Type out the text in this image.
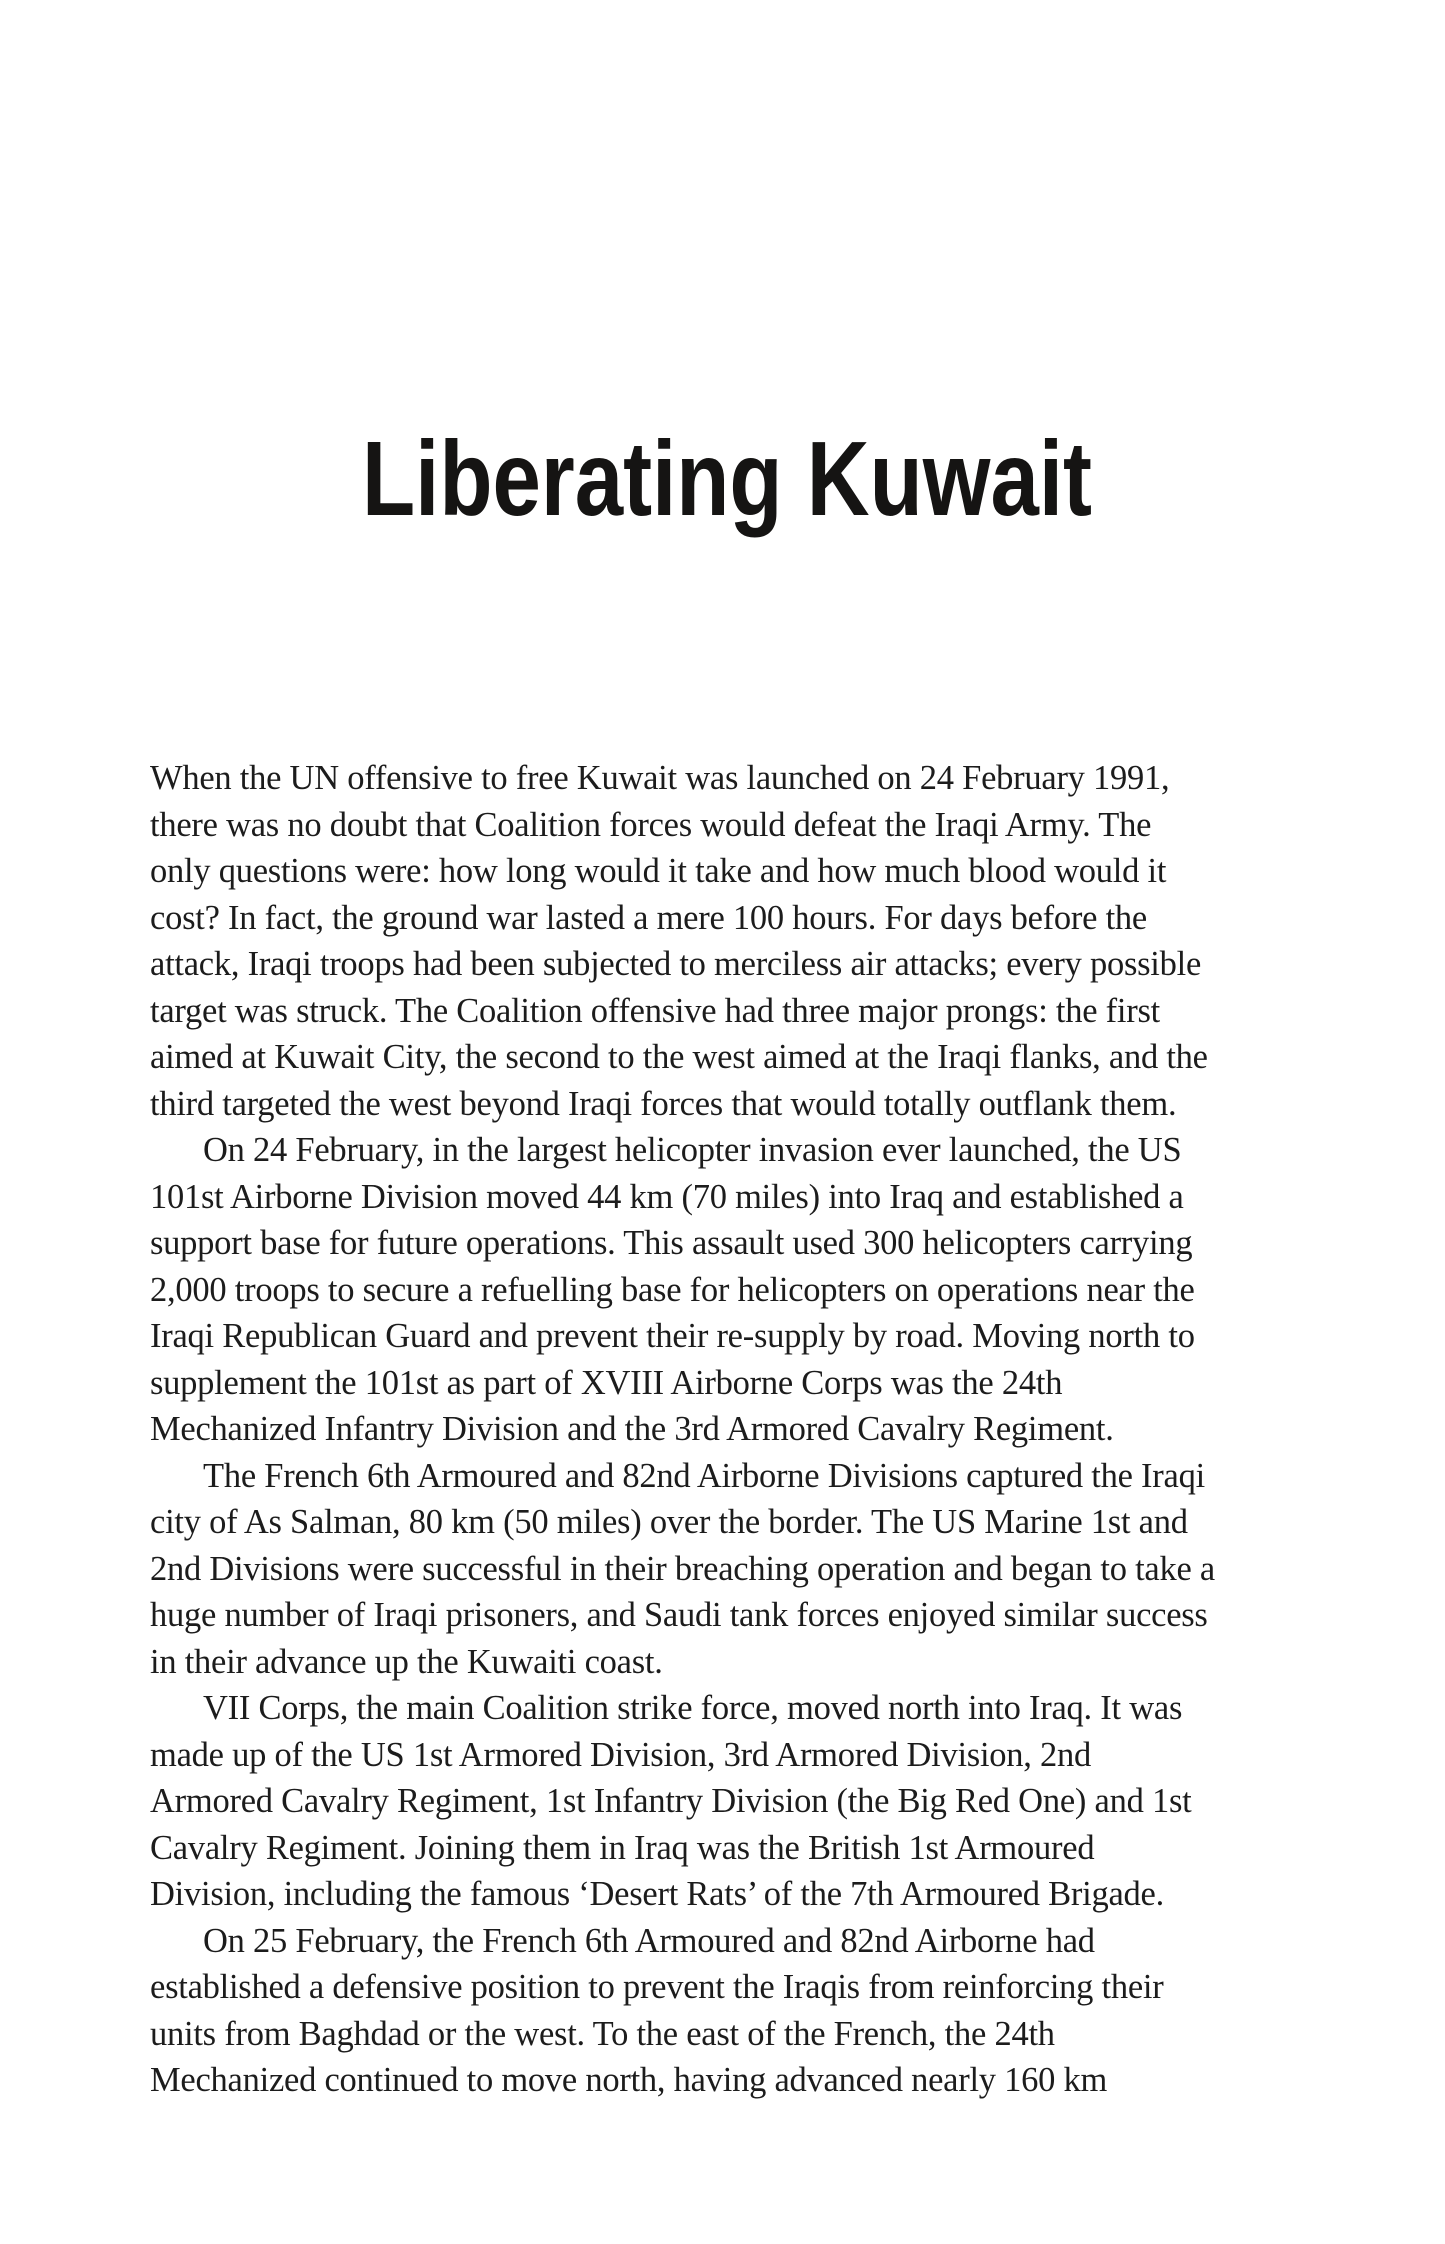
Liberating Kuwait
When the UN offensive to free Kuwait was launched on 24 February 1991,
there was no doubt that Coalition forces would defeat the Iraqi Army. The
only questions were: how long would it take and how much blood would it
cost? In fact, the ground war lasted a mere 100 hours. For days before the
attack, Iraqi troops had been subjected to merciless air attacks; every possible
target was struck. The Coalition offensive had three major prongs: the first
aimed at Kuwait City, the second to the west aimed at the Iraqi flanks, and the
third targeted the west beyond Iraqi forces that would totally outflank them.
On 24 February, in the largest helicopter invasion ever launched, the US
101st Airborne Division moved 44 km (70 miles) into Iraq and established a
support base for future operations. This assault used 300 helicopters carrying
2,000 troops to secure a refuelling base for helicopters on operations near the
Iraqi Republican Guard and prevent their re-supply by road. Moving north to
supplement the 101st as part of XVIII Airborne Corps was the 24th
Mechanized Infantry Division and the 3rd Armored Cavalry Regiment.
The French 6th Armoured and 82nd Airborne Divisions captured the Iraqi
city of As Salman, 80 km (50 miles) over the border. The US Marine 1st and
2nd Divisions were successful in their breaching operation and began to take a
huge number of Iraqi prisoners, and Saudi tank forces enjoyed similar success
in their advance up the Kuwaiti coast.
VII Corps, the main Coalition strike force, moved north into Iraq. It was
made up of the US 1st Armored Division, 3rd Armored Division, 2nd
Armored Cavalry Regiment, 1st Infantry Division (the Big Red One) and 1st
Cavalry Regiment. Joining them in Iraq was the British 1st Armoured
Division, including the famous ‘Desert Rats’ of the 7th Armoured Brigade.
On 25 February, the French 6th Armoured and 82nd Airborne had
established a defensive position to prevent the Iraqis from reinforcing their
units from Baghdad or the west. To the east of the French, the 24th
Mechanized continued to move north, having advanced nearly 160 km
